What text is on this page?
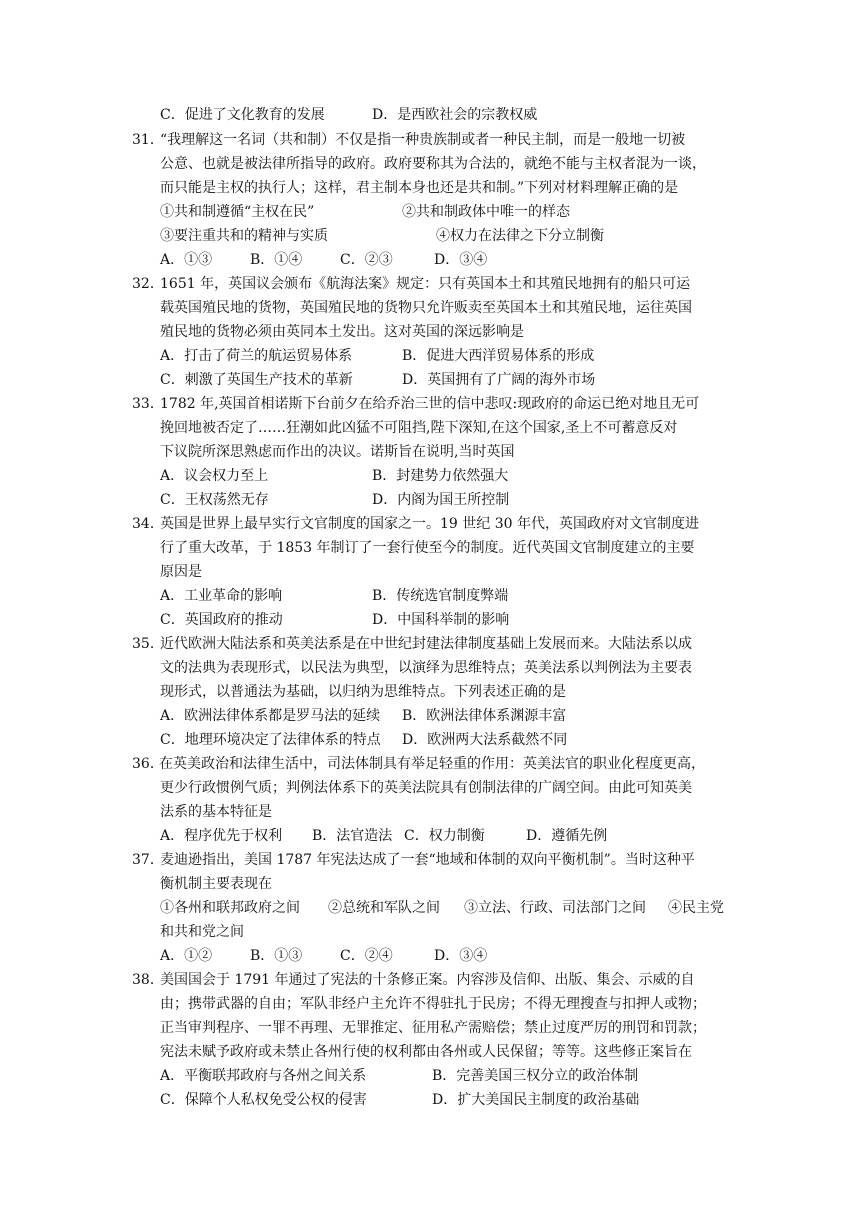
C．促进了文化教育的发展	D．是西欧社会的宗教权威
31．
“我理解这一名词（共和制）不仅是指一种贵族制或者一种民主制，而是一般地一切被
公意、也就是被法律所指导的政府。政府要称其为合法的，就绝不能与主权者混为一谈，
而只能是主权的执行人；这样，君主制本身也还是共和制。”下列对材料理解正确的是
①共和制遵循“主权在民”	②共和制政体中唯一的样态
③要注重共和的精神与实质	④权力在法律之下分立制衡
A．①③	B．①④	C．②③	D．③④
32．
1651 年，英国议会颁布《航海法案》规定：只有英国本土和其殖民地拥有的船只可运
载英国殖民地的货物，英国殖民地的货物只允许贩卖至英国本土和其殖民地，运往英国
殖民地的货物必须由英同本土发出。这对英国的深远影响是
A．打击了荷兰的航运贸易体系	B．促进大西洋贸易体系的形成
C．刺激了英国生产技术的革新	D．英国拥有了广阔的海外市场
33．
1782 年,英国首相诺斯下台前夕在给乔治三世的信中悲叹:现政府的命运已绝对地且无可
挽回地被否定了……狂潮如此凶猛不可阻挡,陛下深知,在这个国家,圣上不可蓄意反对
下议院所深思熟虑而作出的决议。诺斯旨在说明,当时英国
A．议会权力至上	B．封建势力依然强大
C．王权荡然无存	D．内阁为国王所控制
34．
英国是世界上最早实行文官制度的国家之一。19 世纪 30 年代，英国政府对文官制度进
行了重大改革，于 1853 年制订了一套行使至今的制度。近代英国文官制度建立的主要
原因是
A．工业革命的影响	B．传统选官制度弊端
C．英国政府的推动	D．中国科举制的影响
35．
近代欧洲大陆法系和英美法系是在中世纪封建法律制度基础上发展而来。大陆法系以成
文的法典为表现形式，以民法为典型，以演绎为思维特点；英美法系以判例法为主要表
现形式，以普通法为基础，以归纳为思维特点。下列表述正确的是
A．欧洲法律体系都是罗马法的延续 B．欧洲法律体系渊源丰富
C．地理环境决定了法律体系的特点 D．欧洲两大法系截然不同
36．
在英美政治和法律生活中，司法体制具有举足轻重的作用：英美法官的职业化程度更高，
更少行政惯例气质；判例法体系下的英美法院具有创制法律的广阔空间。由此可知英美
法系的基本特征是
A．程序优先于权利 B．法官造法 C．权力制衡	D．遵循先例
37．
麦迪逊指出，美国 1787 年宪法达成了一套“地域和体制的双向平衡机制”。当时这种平
衡机制主要表现在
①各州和联邦政府之间 ②总统和军队之间 ③立法、行政、司法部门之间 ④民主党
和共和党之间
A．①②	B．①③	C．②④	D．③④
38．
美国国会于 1791 年通过了宪法的十条修正案。内容涉及信仰、出版、集会、示威的自
由；携带武器的自由；军队非经户主允许不得驻扎于民房；不得无理搜查与扣押人或物；
正当审判程序、一罪不再理、无罪推定、征用私产需赔偿；禁止过度严厉的刑罚和罚款；
宪法未赋予政府或未禁止各州行使的权利都由各州或人民保留；等等。这些修正案旨在
A．平衡联邦政府与各州之间关系	B．完善美国三权分立的政治体制
C．保障个人私权免受公权的侵害	D．扩大美国民主制度的政治基础
